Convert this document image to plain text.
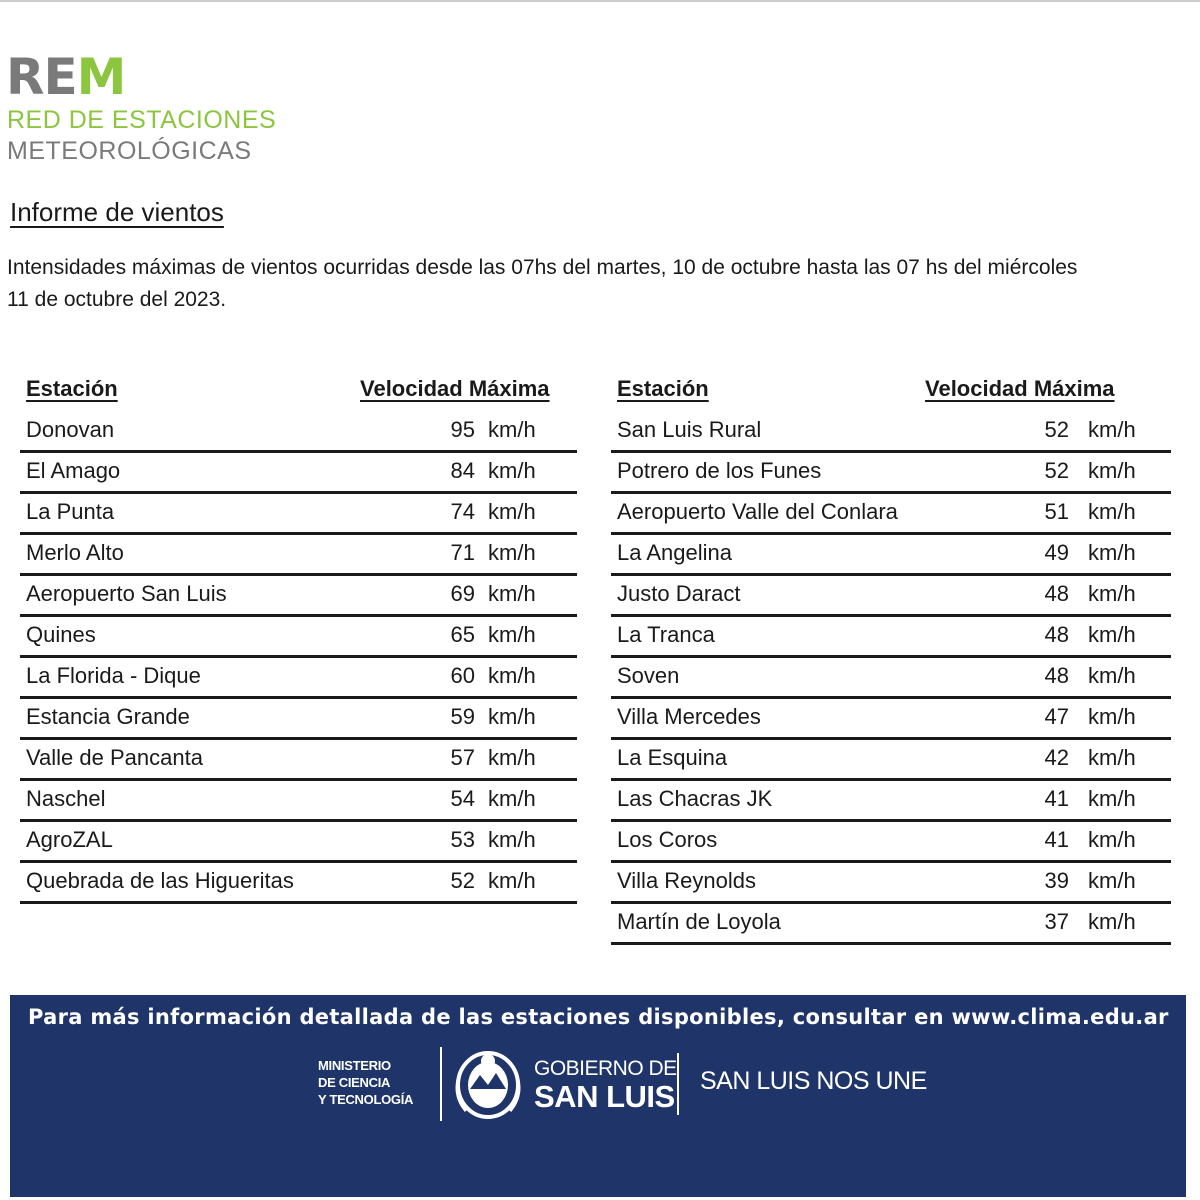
REM
RED DE ESTACIONES
METEOROLÓGICAS
Informe de vientos
Intensidades máximas de vientos ocurridas desde las 07hs del martes, 10 de octubre hasta las 07 hs del miércoles
11 de octubre del 2023.
Estación	Velocidad Máxima
Donovan	95 km/h
El Amago	84 km/h
La Punta	74 km/h
Merlo Alto	71 km/h
Aeropuerto San Luis	69 km/h
Quines	65 km/h
La Florida - Dique	60 km/h
Estancia Grande	59 km/h
Valle de Pancanta	57 km/h
Naschel	54 km/h
AgroZAL	53 km/h
Quebrada de las Higueritas	52 km/h
Estación	Velocidad Máxima
San Luis Rural	52 km/h
Potrero de los Funes	52 km/h
Aeropuerto Valle del Conlara	51 km/h
La Angelina	49 km/h
Justo Daract	48 km/h
La Tranca	48 km/h
Soven	48 km/h
Villa Mercedes	47 km/h
La Esquina	42 km/h
Las Chacras JK	41 km/h
Los Coros	41 km/h
Villa Reynolds	39 km/h
Martín de Loyola	37 km/h
Para más información detallada de las estaciones disponibles, consultar en www.clima.edu.ar
MINISTERIO
DE CIENCIA
Y TECNOLOGÍA
GOBIERNO DE
SAN LUIS SAN LUIS NOS UNE
